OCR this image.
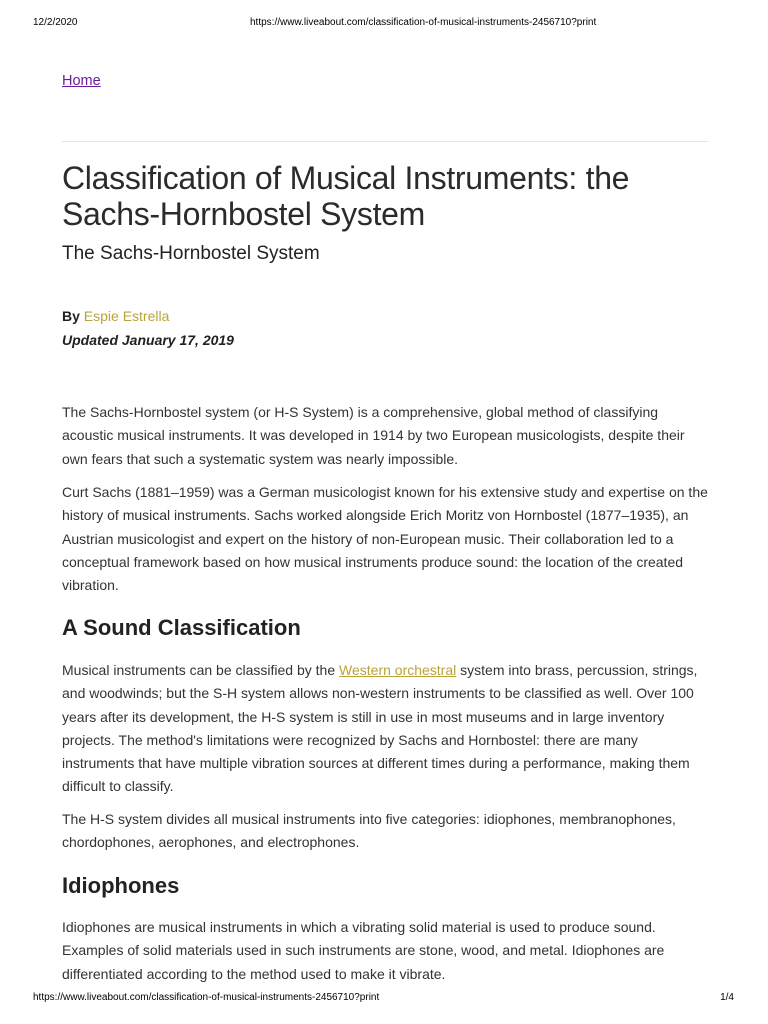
12/2/2020	https://www.liveabout.com/classification-of-musical-instruments-2456710?print
Home
Classification of Musical Instruments: the Sachs-Hornbostel System
The Sachs-Hornbostel System
By Espie Estrella
Updated January 17, 2019

The Sachs-Hornbostel system (or H-S System) is a comprehensive, global method of classifying acoustic musical instruments. It was developed in 1914 by two European musicologists, despite their own fears that such a systematic system was nearly impossible.

Curt Sachs (1881–1959) was a German musicologist known for his extensive study and expertise on the history of musical instruments. Sachs worked alongside Erich Moritz von Hornbostel (1877–1935), an Austrian musicologist and expert on the history of non-European music. Their collaboration led to a conceptual framework based on how musical instruments produce sound: the location of the created vibration.

A Sound Classification

Musical instruments can be classified by the Western orchestral system into brass, percussion, strings, and woodwinds; but the S-H system allows non-western instruments to be classified as well. Over 100 years after its development, the H-S system is still in use in most museums and in large inventory projects. The method's limitations were recognized by Sachs and Hornbostel: there are many instruments that have multiple vibration sources at different times during a performance, making them difficult to classify.

The H-S system divides all musical instruments into five categories: idiophones, membranophones, chordophones, aerophones, and electrophones.

Idiophones

Idiophones are musical instruments in which a vibrating solid material is used to produce sound. Examples of solid materials used in such instruments are stone, wood, and metal. Idiophones are differentiated according to the method used to make it vibrate.

https://www.liveabout.com/classification-of-musical-instruments-2456710?print	1/4
